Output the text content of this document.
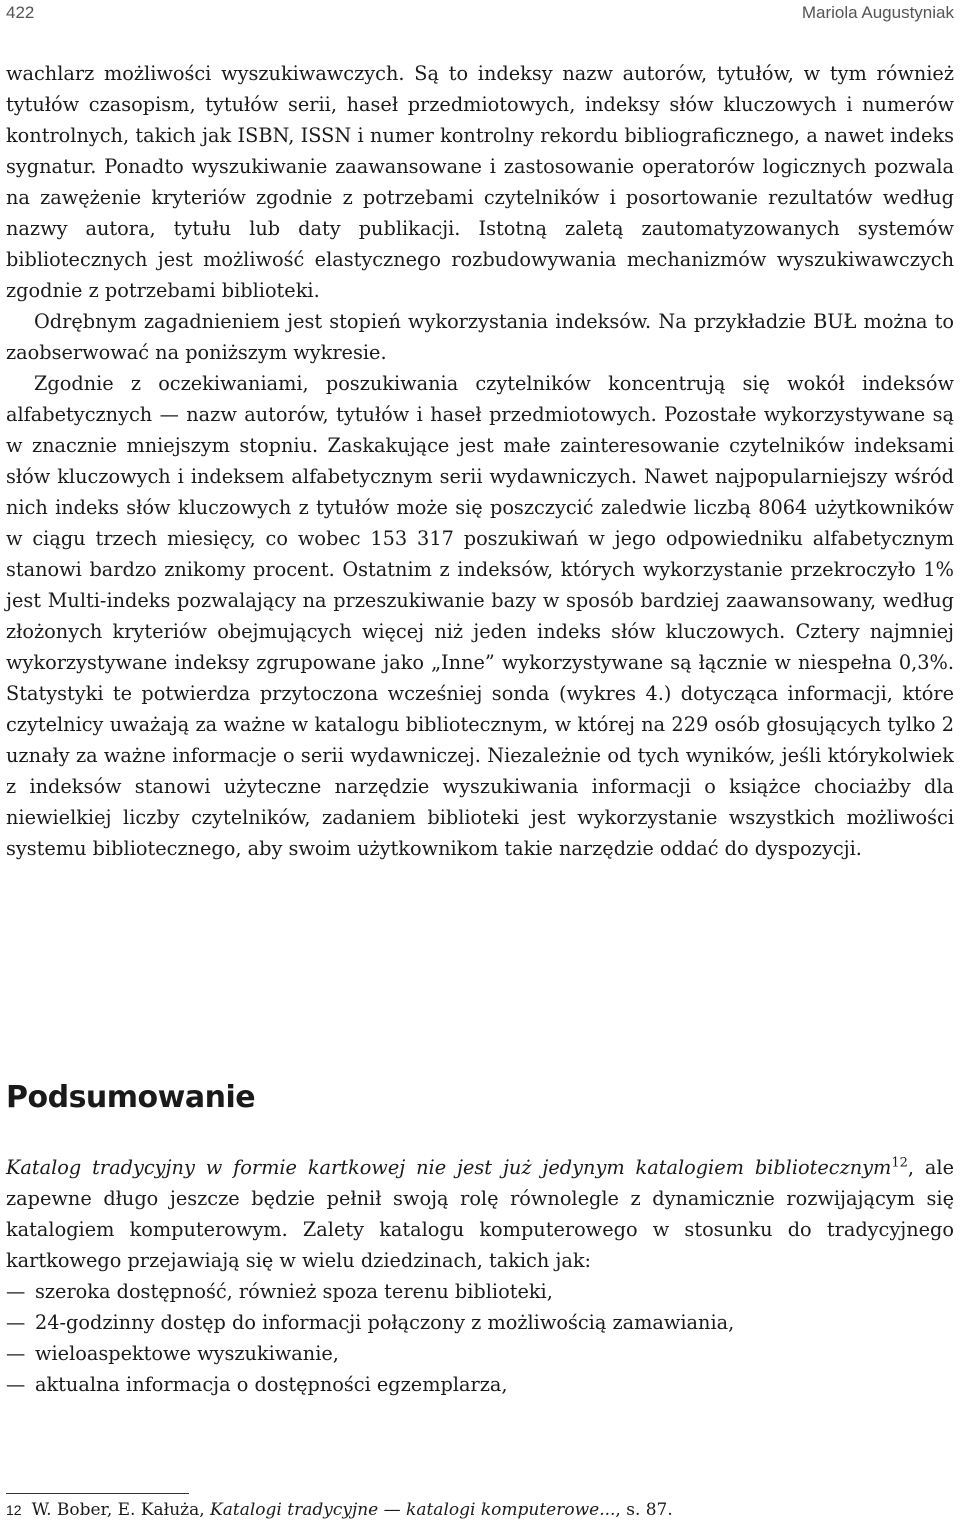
422	Mariola Augustyniak

wachlarz możliwości wyszukiwawczych. Są to indeksy nazw autorów, tytułów, w tym również tytułów czasopism, tytułów serii, haseł przedmiotowych, indeksy słów kluczowych i numerów kontrolnych, takich jak ISBN, ISSN i numer kontrolny rekordu bibliograficznego, a nawet indeks sygnatur. Ponadto wyszukiwanie zaawansowane i zastosowanie operatorów logicznych pozwala na zawężenie kryteriów zgodnie z potrzebami czytelników i posortowanie rezultatów według nazwy autora, tytułu lub daty publikacji. Istotną zaletą zautomatyzowanych systemów bibliotecznych jest możliwość elastycznego rozbudowywania mechanizmów wyszukiwawczych zgodnie z potrzebami biblioteki.

Odrębnym zagadnieniem jest stopień wykorzystania indeksów. Na przykładzie BUŁ można to zaobserwować na poniższym wykresie.

Zgodnie z oczekiwaniami, poszukiwania czytelników koncentrują się wokół indeksów alfabetycznych — nazw autorów, tytułów i haseł przedmiotowych. Pozostałe wykorzystywane są w znacznie mniejszym stopniu. Zaskakujące jest małe zainteresowanie czytelników indeksami słów kluczowych i indeksem alfabetycznym serii wydawniczych. Nawet najpopularniejszy wśród nich indeks słów kluczowych z tytułów może się poszczycić zaledwie liczbą 8064 użytkowników w ciągu trzech miesięcy, co wobec 153 317 poszukiwań w jego odpowiedniku alfabetycznym stanowi bardzo znikomy procent. Ostatnim z indeksów, których wykorzystanie przekroczyło 1% jest Multi-indeks pozwalający na przeszukiwanie bazy w sposób bardziej zaawansowany, według złożonych kryteriów obejmujących więcej niż jeden indeks słów kluczowych. Cztery najmniej wykorzystywane indeksy zgrupowane jako „Inne” wykorzystywane są łącznie w niespełna 0,3%. Statystyki te potwierdza przytoczona wcześniej sonda (wykres 4.) dotycząca informacji, które czytelnicy uważają za ważne w katalogu bibliotecznym, w której na 229 osób głosujących tylko 2 uznały za ważne informacje o serii wydawniczej. Niezależnie od tych wyników, jeśli którykolwiek z indeksów stanowi użyteczne narzędzie wyszukiwania informacji o książce chociażby dla niewielkiej liczby czytelników, zadaniem biblioteki jest wykorzystanie wszystkich możliwości systemu bibliotecznego, aby swoim użytkownikom takie narzędzie oddać do dyspozycji.

Podsumowanie

Katalog tradycyjny w formie kartkowej nie jest już jedynym katalogiem bibliotecznym$^{12}$, ale zapewne długo jeszcze będzie pełnił swoją rolę równolegle z dynamicznie rozwijającym się katalogiem komputerowym. Zalety katalogu komputerowego w stosunku do tradycyjnego kartkowego przejawiają się w wielu dziedzinach, takich jak:

— szeroka dostępność, również spoza terenu biblioteki,
— 24-godzinny dostęp do informacji połączony z możliwością zamawiania,
— wieloaspektowe wyszukiwanie,
— aktualna informacja o dostępności egzemplarza,
12 W. Bober, E. Kałuża, Katalogi tradycyjne — katalogi komputerowe..., s. 87.
